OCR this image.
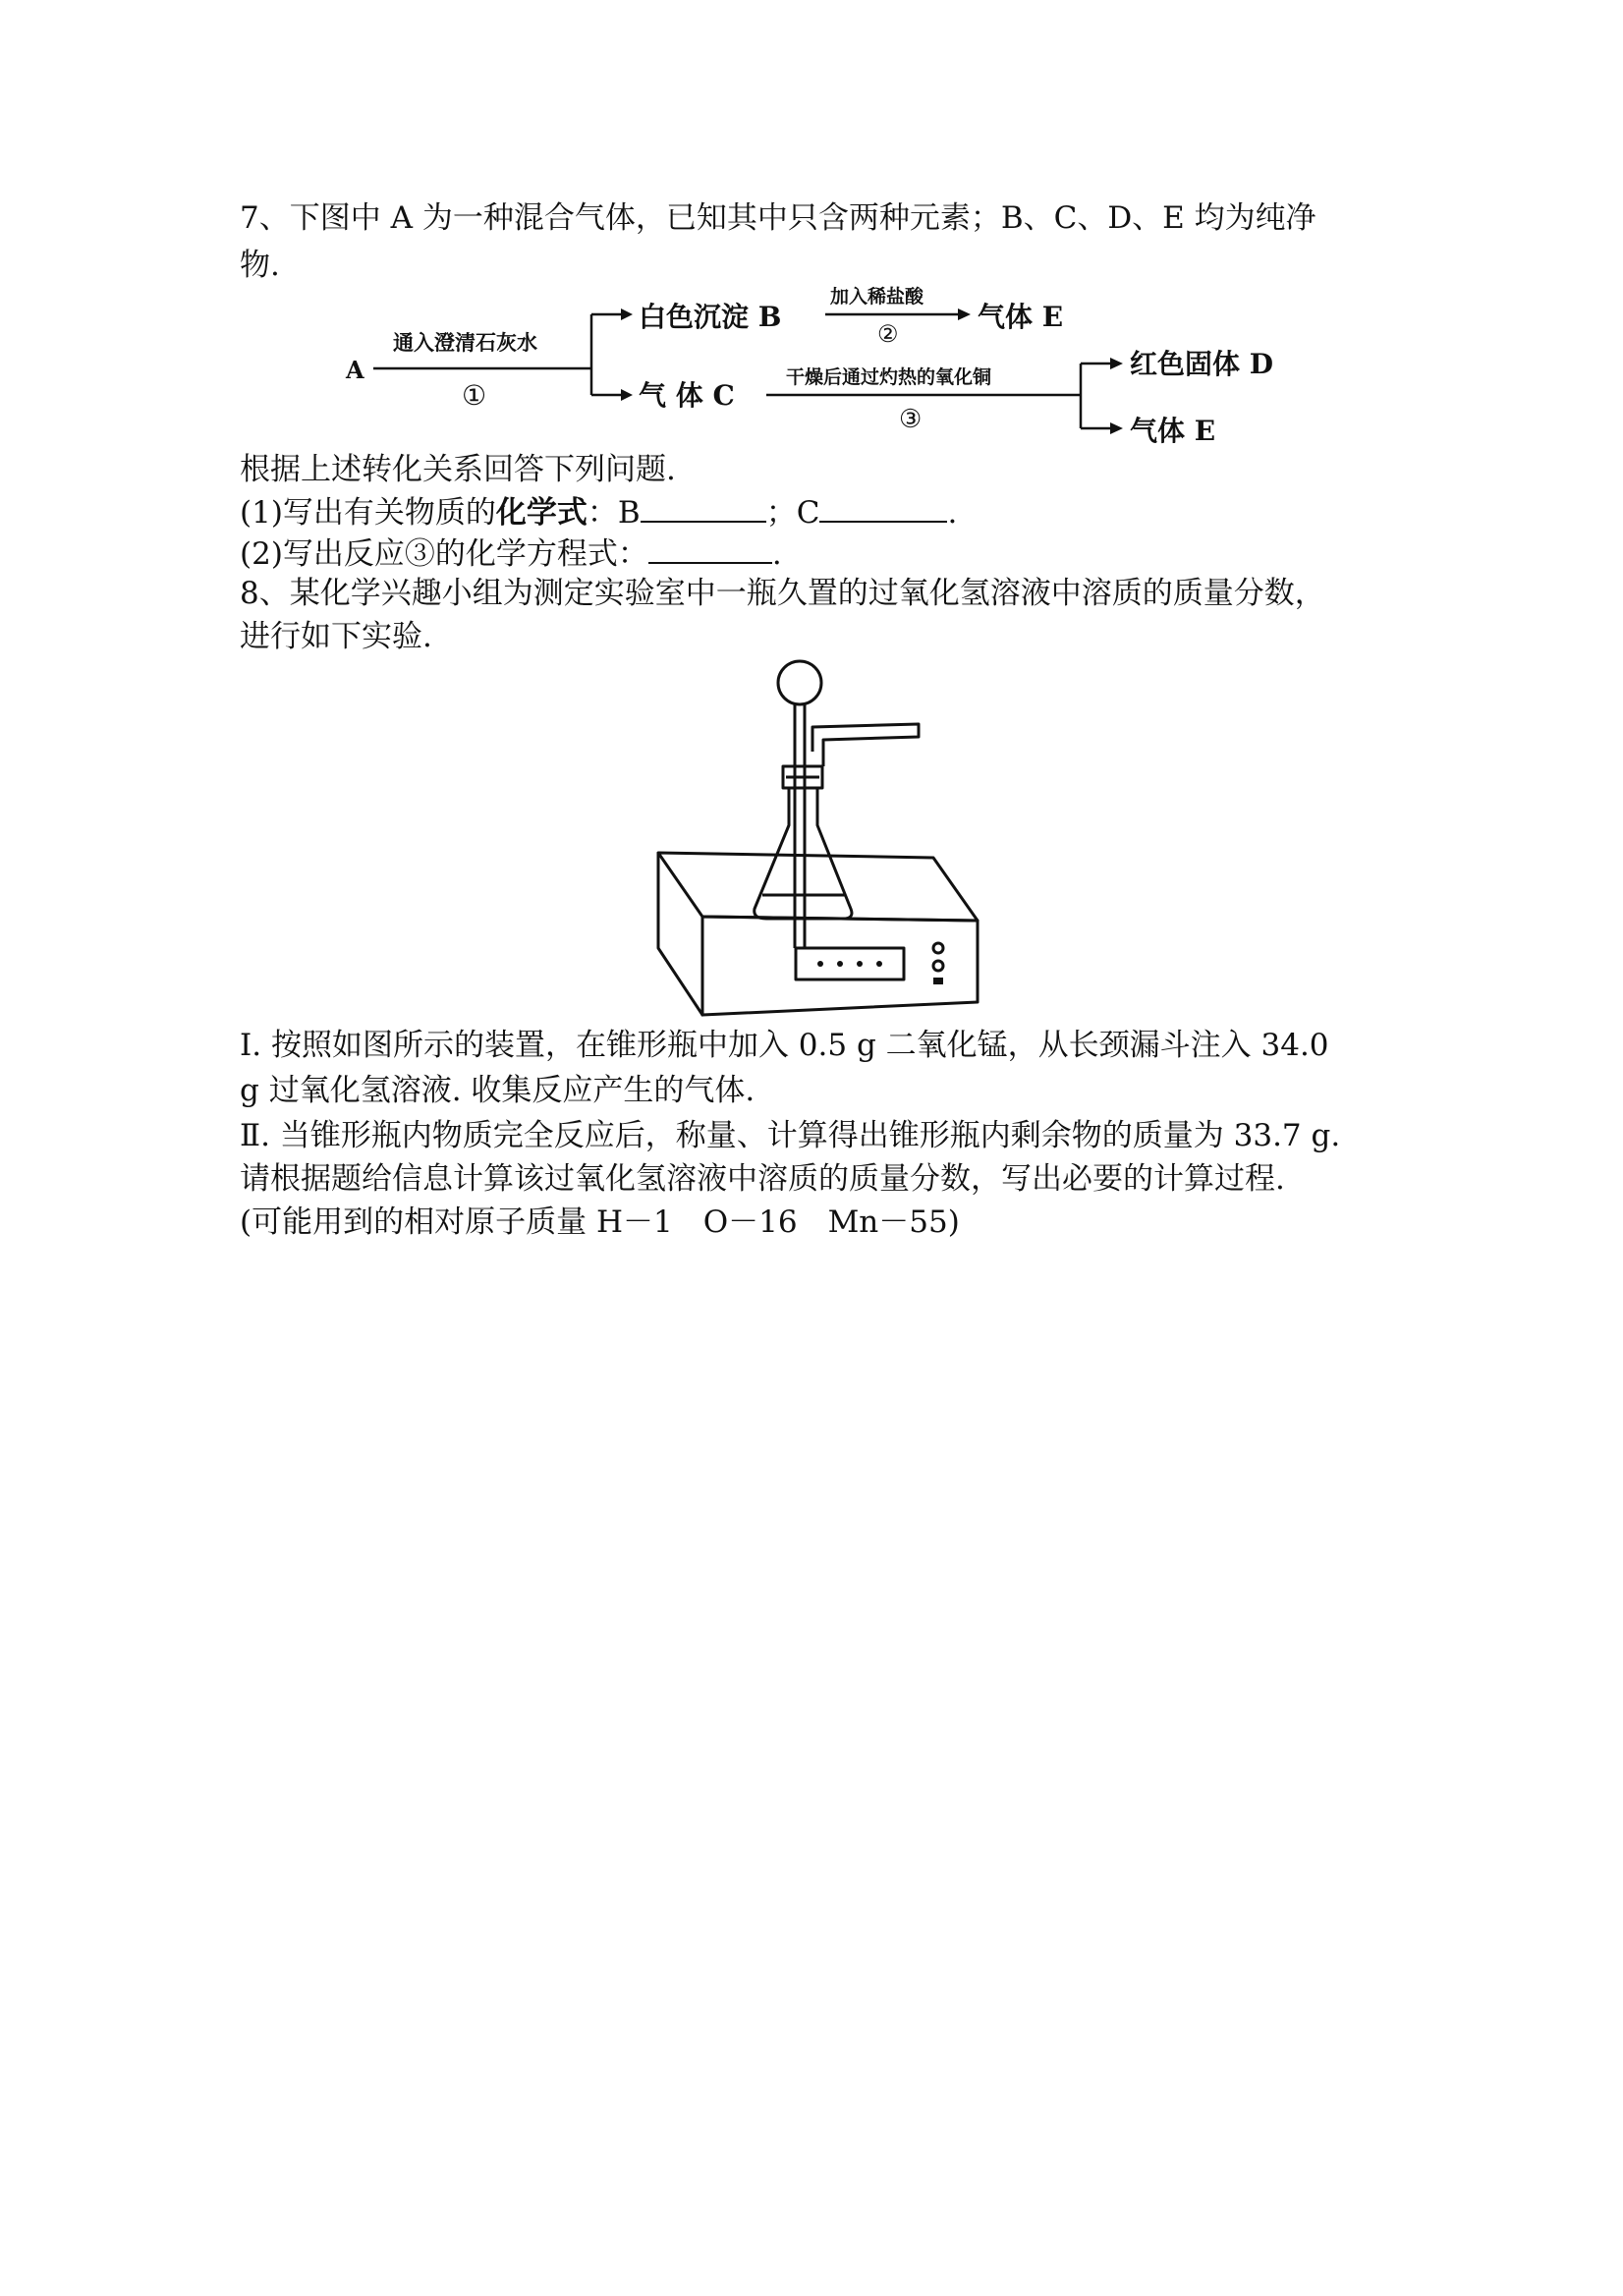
7、下图中 A 为一种混合气体，已知其中只含两种元素；B、C、D、E 均为纯净
物.
A
通入澄清石灰水
①
白色沉淀 B
加入稀盐酸
②
气体 E
气 体 C
干燥后通过灼热的氧化铜
③
红色固体 D
气体 E
根据上述转化关系回答下列问题.
(1)写出有关物质的化学式：B	；C	.
(2)写出反应③的化学方程式：	.
8、某化学兴趣小组为测定实验室中一瓶久置的过氧化氢溶液中溶质的质量分数，
进行如下实验.
Ⅰ. 按照如图所示的装置，在锥形瓶中加入 0.5 g 二氧化锰，从长颈漏斗注入 34.0
g 过氧化氢溶液. 收集反应产生的气体.
Ⅱ. 当锥形瓶内物质完全反应后，称量、计算得出锥形瓶内剩余物的质量为 33.7 g.
请根据题给信息计算该过氧化氢溶液中溶质的质量分数，写出必要的计算过程.
(可能用到的相对原子质量 H－1　O－16　Mn－55)
